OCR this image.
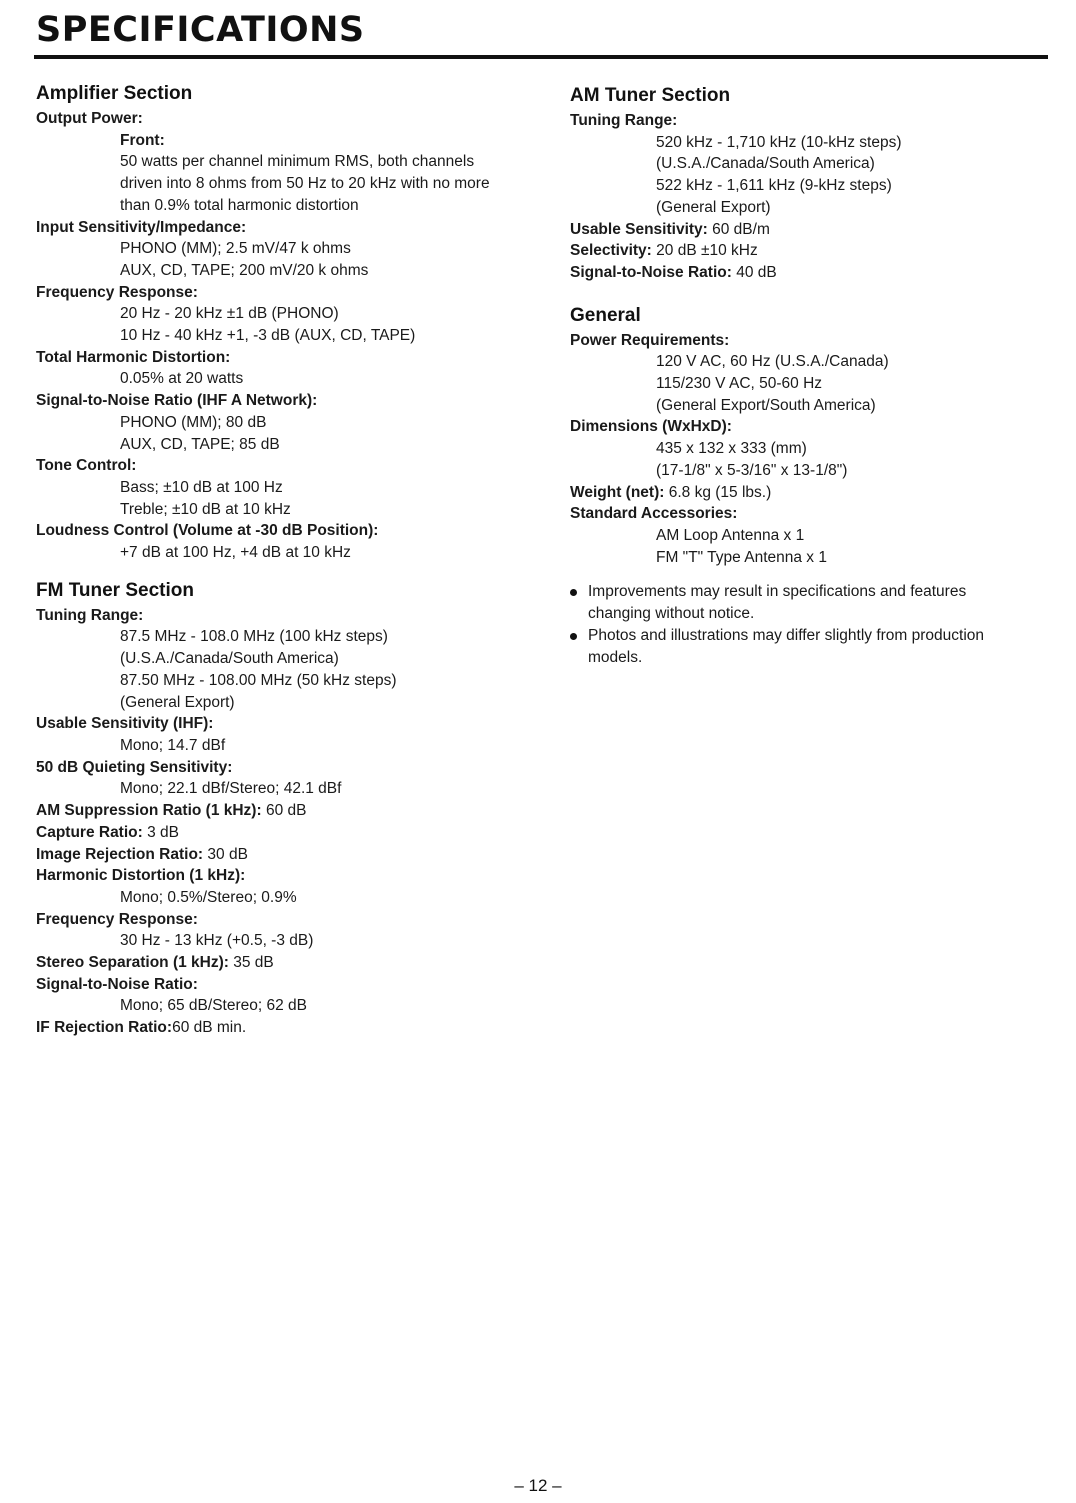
SPECIFICATIONS
Amplifier Section
Output Power:
Front:
50 watts per channel minimum RMS, both channels driven into 8 ohms from 50 Hz to 20 kHz with no more than 0.9% total harmonic distortion
Input Sensitivity/Impedance:
PHONO (MM); 2.5 mV/47 k ohms
AUX, CD, TAPE; 200 mV/20 k ohms
Frequency Response:
20 Hz - 20 kHz ±1 dB (PHONO)
10 Hz - 40 kHz +1, -3 dB (AUX, CD, TAPE)
Total Harmonic Distortion:
0.05% at 20 watts
Signal-to-Noise Ratio (IHF A Network):
PHONO (MM); 80 dB
AUX, CD, TAPE; 85 dB
Tone Control:
Bass; ±10 dB at 100 Hz
Treble; ±10 dB at 10 kHz
Loudness Control (Volume at -30 dB Position):
+7 dB at 100 Hz, +4 dB at 10 kHz
FM Tuner Section
Tuning Range:
87.5 MHz - 108.0 MHz (100 kHz steps)
(U.S.A./Canada/South America)
87.50 MHz - 108.00 MHz (50 kHz steps)
(General Export)
Usable Sensitivity (IHF):
Mono; 14.7 dBf
50 dB Quieting Sensitivity:
Mono; 22.1 dBf/Stereo; 42.1 dBf
AM Suppression Ratio (1 kHz): 60 dB
Capture Ratio: 3 dB
Image Rejection Ratio: 30 dB
Harmonic Distortion (1 kHz):
Mono; 0.5%/Stereo; 0.9%
Frequency Response:
30 Hz - 13 kHz (+0.5, -3 dB)
Stereo Separation (1 kHz): 35 dB
Signal-to-Noise Ratio:
Mono; 65 dB/Stereo; 62 dB
IF Rejection Ratio:60 dB min.
AM Tuner Section
Tuning Range:
520 kHz - 1,710 kHz (10-kHz steps)
(U.S.A./Canada/South America)
522 kHz - 1,611 kHz (9-kHz steps)
(General Export)
Usable Sensitivity: 60 dB/m
Selectivity: 20 dB ±10 kHz
Signal-to-Noise Ratio: 40 dB
General
Power Requirements:
120 V AC, 60 Hz (U.S.A./Canada)
115/230 V AC, 50-60 Hz
(General Export/South America)
Dimensions (WxHxD):
435 x 132 x 333 (mm)
(17-1/8" x 5-3/16" x 13-1/8")
Weight (net): 6.8 kg (15 lbs.)
Standard Accessories:
AM Loop Antenna x 1
FM "T" Type Antenna x 1
Improvements may result in specifications and features changing without notice.
Photos and illustrations may differ slightly from production models.
– 12 –
